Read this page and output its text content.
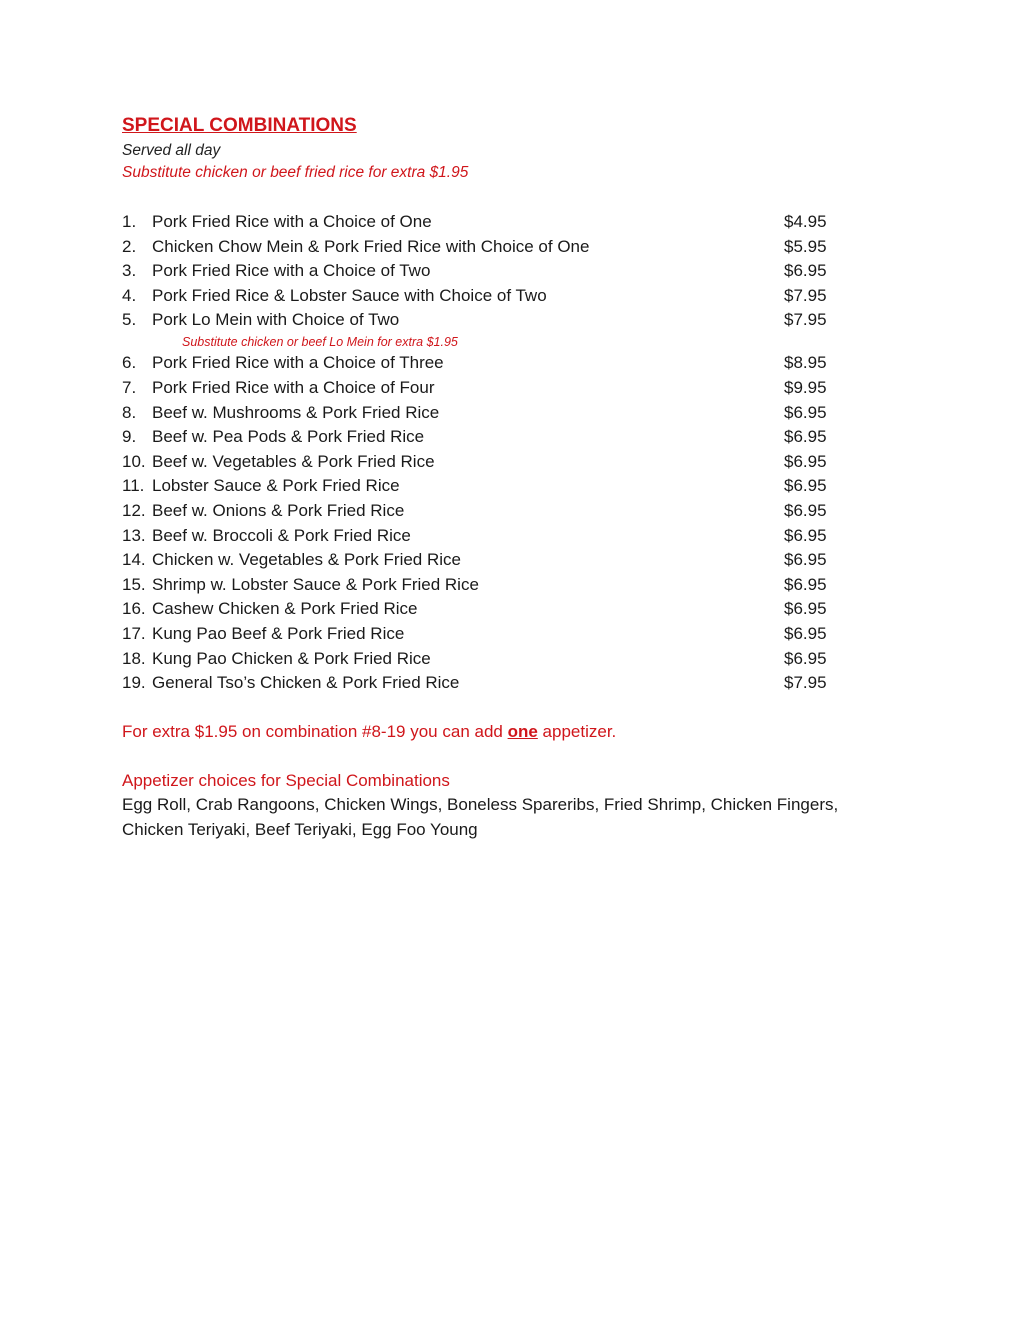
SPECIAL COMBINATIONS
Served all day
Substitute chicken or beef fried rice for extra $1.95
1. Pork Fried Rice with a Choice of One	$4.95
2. Chicken Chow Mein & Pork Fried Rice with Choice of One	$5.95
3. Pork Fried Rice with a Choice of Two	$6.95
4. Pork Fried Rice & Lobster Sauce with Choice of Two	$7.95
5. Pork Lo Mein with Choice of Two	$7.95
Substitute chicken or beef Lo Mein for extra $1.95
6. Pork Fried Rice with a Choice of Three	$8.95
7. Pork Fried Rice with a Choice of Four	$9.95
8. Beef w. Mushrooms & Pork Fried Rice	$6.95
9. Beef w. Pea Pods & Pork Fried Rice	$6.95
10. Beef w. Vegetables & Pork Fried Rice	$6.95
11. Lobster Sauce & Pork Fried Rice	$6.95
12. Beef w. Onions & Pork Fried Rice	$6.95
13. Beef w. Broccoli & Pork Fried Rice	$6.95
14. Chicken w. Vegetables & Pork Fried Rice	$6.95
15. Shrimp w. Lobster Sauce & Pork Fried Rice	$6.95
16. Cashew Chicken & Pork Fried Rice	$6.95
17. Kung Pao Beef & Pork Fried Rice	$6.95
18. Kung Pao Chicken & Pork Fried Rice	$6.95
19. General Tso’s Chicken & Pork Fried Rice	$7.95
For extra $1.95 on combination #8-19 you can add one appetizer.
Appetizer choices for Special Combinations
Egg Roll, Crab Rangoons, Chicken Wings, Boneless Spareribs, Fried Shrimp, Chicken Fingers, Chicken Teriyaki, Beef Teriyaki, Egg Foo Young
